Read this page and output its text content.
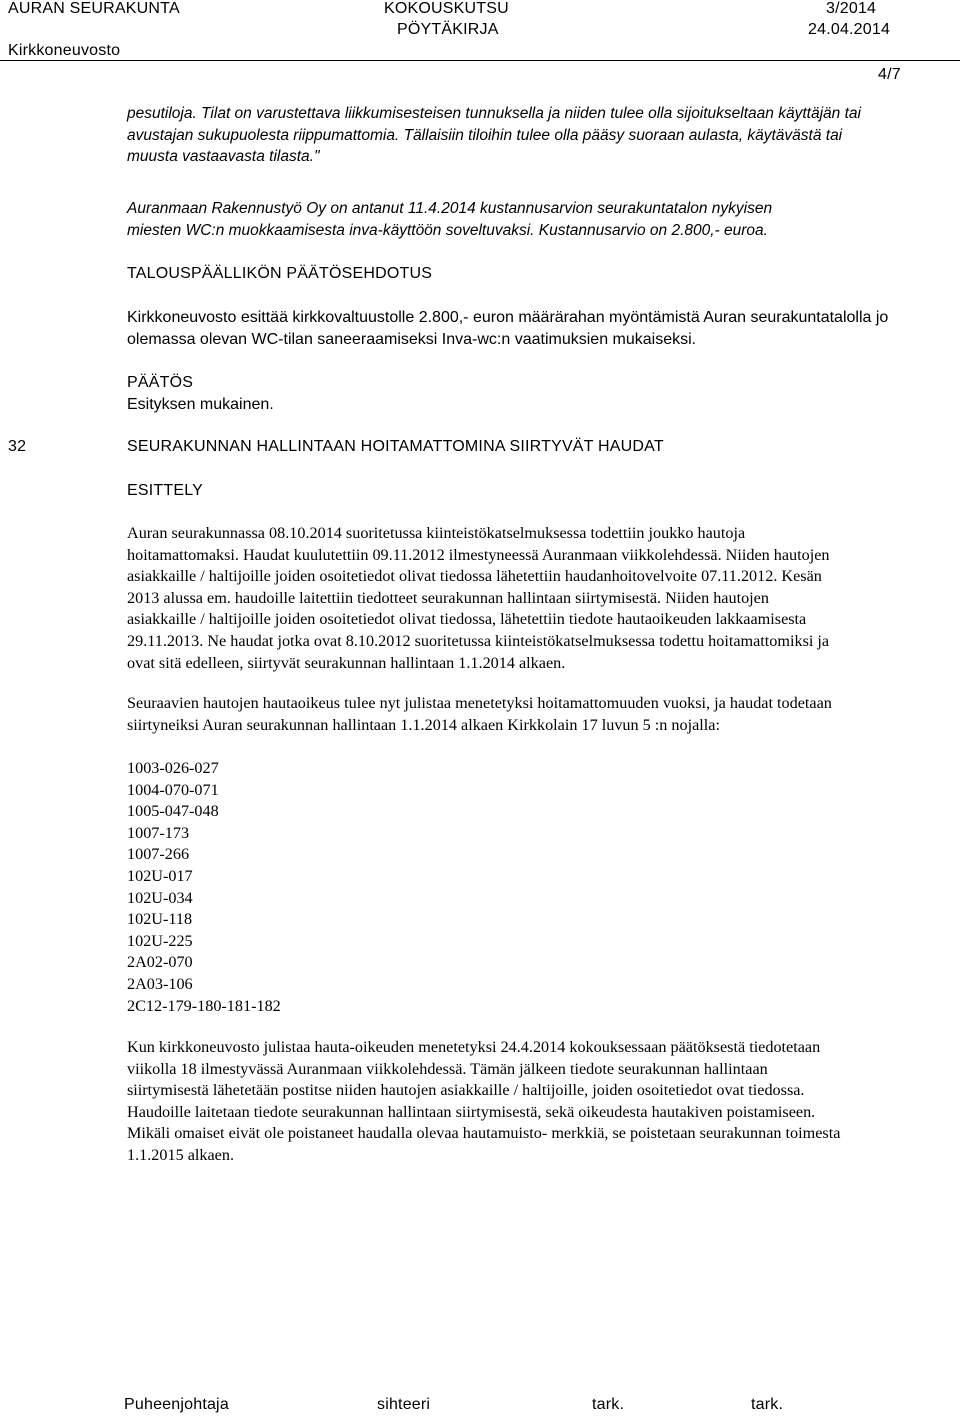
AURAN SEURAKUNTA
Kirkkoneuvosto
KOKOUSKUTSU
PÖYTÄKIRJA
3/2014
24.04.2014
4/7
pesutiloja. Tilat on varustettava liikkumisesteisen tunnuksella ja niiden tulee olla sijoitukseltaan käyttäjän tai
avustajan sukupuolesta riippumattomia. Tällaisiin tiloihin tulee olla pääsy suoraan aulasta, käytävästä tai
muusta vastaavasta tilasta."
Auranmaan Rakennustyö Oy on antanut 11.4.2014 kustannusarvion seurakuntatalon nykyisen
miesten WC:n muokkaamisesta inva-käyttöön soveltuvaksi. Kustannusarvio on 2.800,- euroa.
TALOUSPÄÄLLIKÖN PÄÄTÖSEHDOTUS
Kirkkoneuvosto esittää kirkkovaltuustolle 2.800,- euron määrärahan myöntämistä Auran seurakuntatalolla jo
olemassa olevan WC-tilan saneeraamiseksi Inva-wc:n vaatimuksien mukaiseksi.
PÄÄTÖS
Esityksen mukainen.
32	SEURAKUNNAN HALLINTAAN HOITAMATTOMINA SIIRTYVÄT HAUDAT
ESITTELY
Auran seurakunnassa 08.10.2014 suoritetussa kiinteistökatselmuksessa todettiin joukko hautoja
hoitamattomaksi. Haudat kuulutettiin 09.11.2012 ilmestyneessä Auranmaan viikkolehdessä. Niiden hautojen
asiakkaille / haltijoille joiden osoitetiedot olivat tiedossa lähetettiin haudanhoitovelvoite 07.11.2012. Kesän
2013 alussa em. haudoille laitettiin tiedotteet seurakunnan hallintaan siirtymisestä. Niiden hautojen
asiakkaille / haltijoille joiden osoitetiedot olivat tiedossa, lähetettiin tiedote hautaoikeuden lakkaamisesta
29.11.2013. Ne haudat jotka ovat 8.10.2012 suoritetussa kiinteistökatselmuksessa todettu hoitamattomiksi ja
ovat sitä edelleen, siirtyvät seurakunnan hallintaan 1.1.2014 alkaen.
Seuraavien hautojen hautaoikeus tulee nyt julistaa menetetyksi hoitamattomuuden vuoksi, ja haudat todetaan
siirtyneiksi Auran seurakunnan hallintaan 1.1.2014 alkaen Kirkkolain 17 luvun 5 :n nojalla:
1003-026-027
1004-070-071
1005-047-048
1007-173
1007-266
102U-017
102U-034
102U-118
102U-225
2A02-070
2A03-106
2C12-179-180-181-182
Kun kirkkoneuvosto julistaa hauta-oikeuden menetetyksi 24.4.2014 kokouksessaan päätöksestä tiedotetaan
viikolla 18 ilmestyvässä Auranmaan viikkolehdessä. Tämän jälkeen tiedote seurakunnan hallintaan
siirtymisestä lähetetään postitse niiden hautojen asiakkaille / haltijoille, joiden osoitetiedot ovat tiedossa.
Haudoille laitetaan tiedote seurakunnan hallintaan siirtymisestä, sekä oikeudesta hautakiven poistamiseen.
Mikäli omaiset eivät ole poistaneet haudalla olevaa hautamuisto- merkkiä, se poistetaan seurakunnan toimesta
1.1.2015 alkaen.
Puheenjohtaja	sihteeri	tark.	tark.
